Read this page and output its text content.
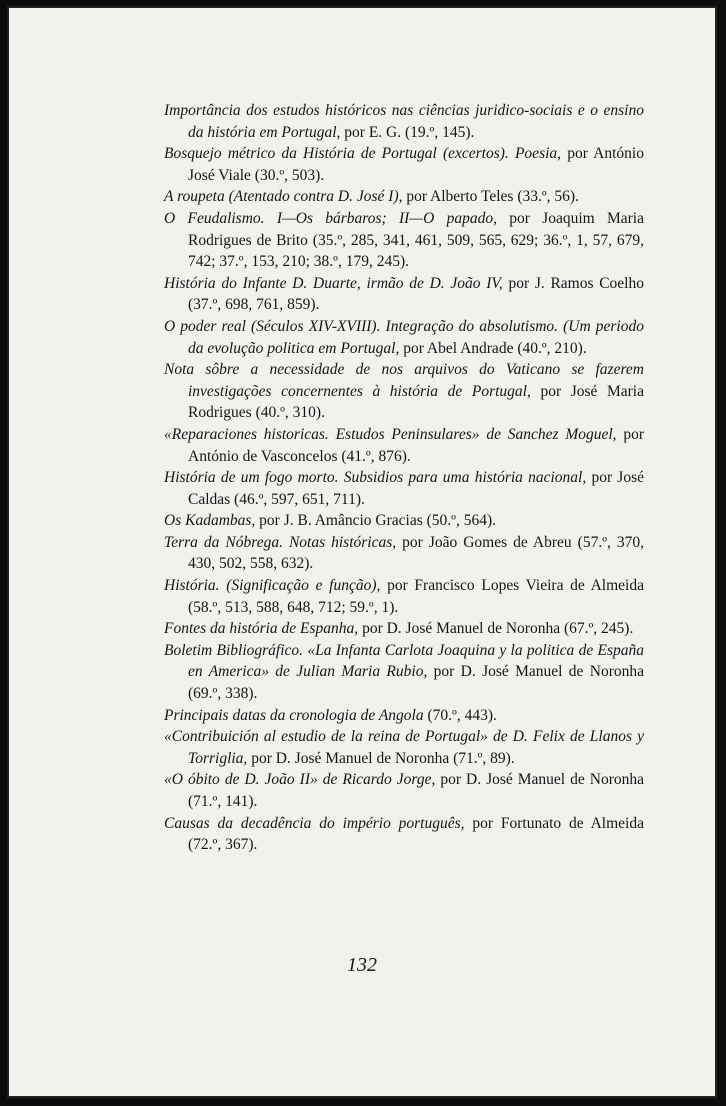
Importância dos estudos históricos nas ciências juridico-sociais e o ensino da história em Portugal, por E. G. (19.º, 145).
Bosquejo métrico da História de Portugal (excertos). Poesia, por António José Viale (30.º, 503).
A roupeta (Atentado contra D. José I), por Alberto Teles (33.º, 56).
O Feudalismo. I—Os bárbaros; II—O papado, por Joaquim Maria Rodrigues de Brito (35.º, 285, 341, 461, 509, 565, 629; 36.º, 1, 57, 679, 742; 37.º, 153, 210; 38.º, 179, 245).
História do Infante D. Duarte, irmão de D. João IV, por J. Ramos Coelho (37.º, 698, 761, 859).
O poder real (Séculos XIV-XVIII). Integração do absolutismo. (Um periodo da evolução politica em Portugal, por Abel Andrade (40.º, 210).
Nota sôbre a necessidade de nos arquivos do Vaticano se fazerem investigações concernentes à história de Portugal, por José Maria Rodrigues (40.º, 310).
«Reparaciones historicas. Estudos Peninsulares» de Sanchez Moguel, por António de Vasconcelos (41.º, 876).
História de um fogo morto. Subsidios para uma história nacional, por José Caldas (46.º, 597, 651, 711).
Os Kadambas, por J. B. Amâncio Gracias (50.º, 564).
Terra da Nóbrega. Notas históricas, por João Gomes de Abreu (57.º, 370, 430, 502, 558, 632).
História. (Significação e função), por Francisco Lopes Vieira de Almeida (58.º, 513, 588, 648, 712; 59.º, 1).
Fontes da história de Espanha, por D. José Manuel de Noronha (67.º, 245).
Boletim Bibliográfico. «La Infanta Carlota Joaquina y la politica de España en America» de Julian Maria Rubio, por D. José Manuel de Noronha (69.º, 338).
Principais datas da cronologia de Angola (70.º, 443).
«Contribuición al estudio de la reina de Portugal» de D. Felix de Llanos y Torriglia, por D. José Manuel de Noronha (71.º, 89).
«O óbito de D. João II» de Ricardo Jorge, por D. José Manuel de Noronha (71.º, 141).
Causas da decadência do império português, por Fortunato de Almeida (72.º, 367).
132
